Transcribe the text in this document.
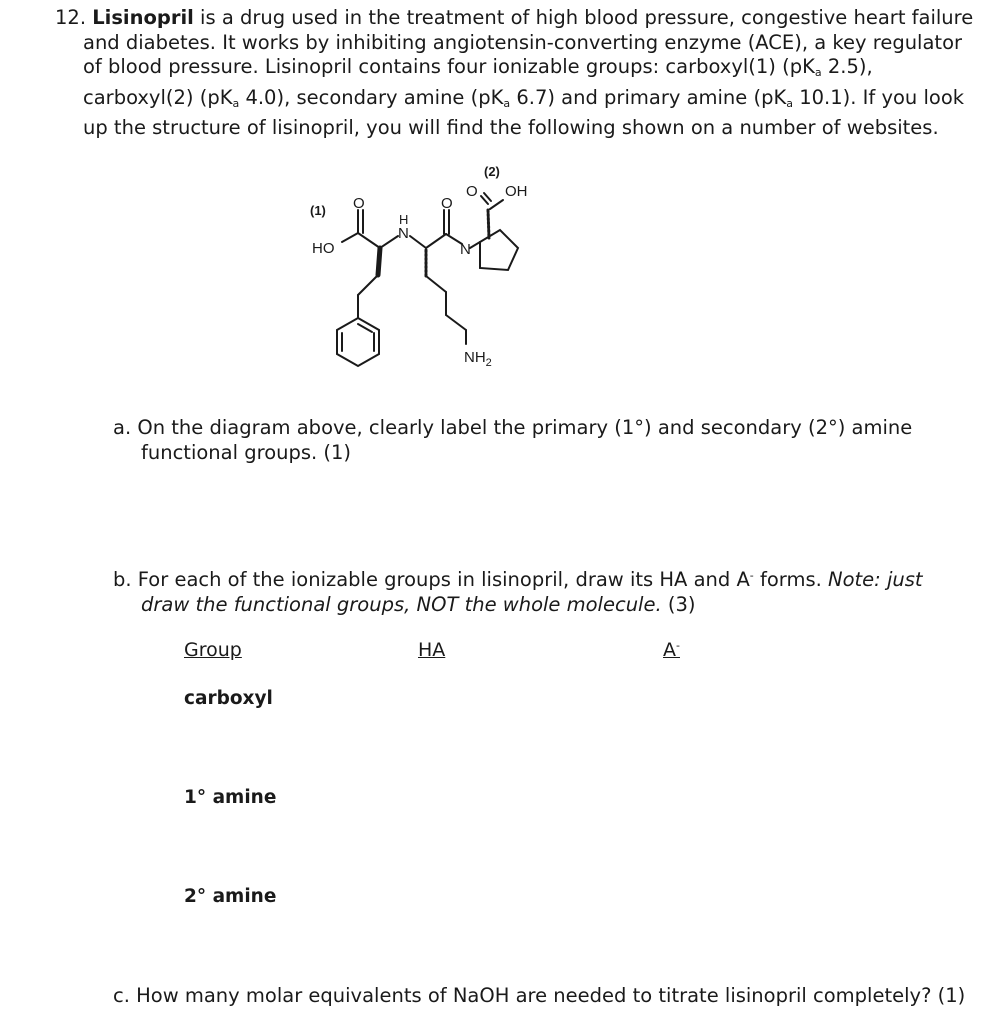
12. Lisinopril is a drug used in the treatment of high blood pressure, congestive heart failure
and diabetes. It works by inhibiting angiotensin-converting enzyme (ACE), a key regulator
of blood pressure. Lisinopril contains four ionizable groups: carboxyl(1) ($pK_a$ 2.5),
carboxyl(2) ($pK_a$ 4.0), secondary amine ($pK_a$ 6.7) and primary amine ($pK_a$ 10.1). If you look
up the structure of lisinopril, you will find the following shown on a number of websites.
(1) O
HO
H
N
O
N
(2)
O OH
$NH_2$
a. On the diagram above, clearly label the primary (1°) and secondary (2°) amine
functional groups. (1)
b. For each of the ionizable groups in lisinopril, draw its HA and A- forms. Note: just
draw the functional groups, NOT the whole molecule. (3)
Group	HA	A-
carboxyl
1° amine
2° amine
c. How many molar equivalents of NaOH are needed to titrate lisinopril completely? (1)
